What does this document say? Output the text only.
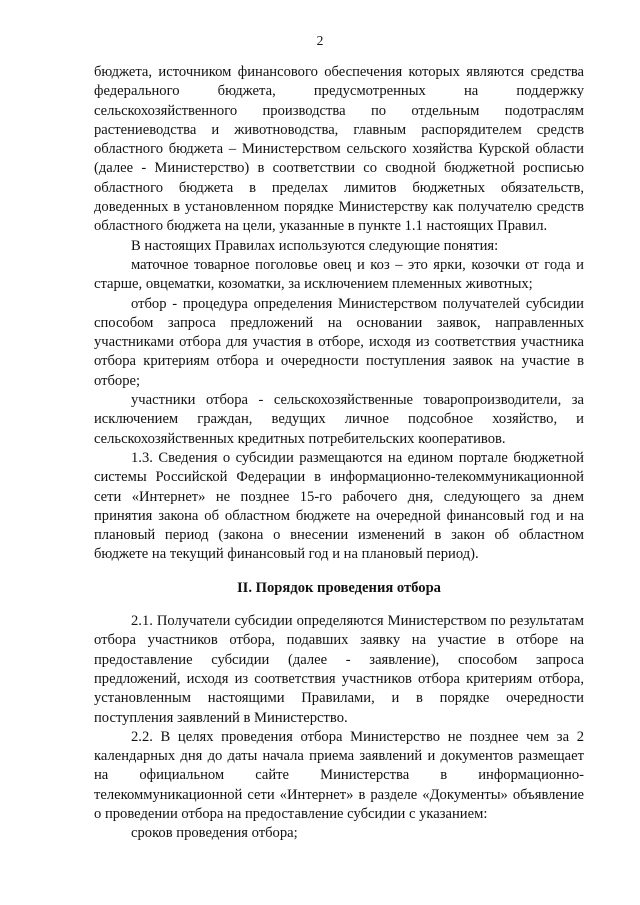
2

бюджета, источником финансового обеспечения которых являются средства федерального бюджета, предусмотренных на поддержку сельскохозяйственного производства по отдельным подотраслям растениеводства и животноводства, главным распорядителем средств областного бюджета – Министерством сельского хозяйства Курской области (далее - Министерство) в соответствии со сводной бюджетной росписью областного бюджета в пределах лимитов бюджетных обязательств, доведенных в установленном порядке Министерству как получателю средств областного бюджета на цели, указанные в пункте 1.1 настоящих Правил.

В настоящих Правилах используются следующие понятия:

маточное товарное поголовье овец и коз – это ярки, козочки от года и старше, овцематки, козоматки, за исключением племенных животных;

отбор - процедура определения Министерством получателей субсидии способом запроса предложений на основании заявок, направленных участниками отбора для участия в отборе, исходя из соответствия участника отбора критериям отбора и очередности поступления заявок на участие в отборе;

участники отбора - сельскохозяйственные товаропроизводители, за исключением граждан, ведущих личное подсобное хозяйство, и сельскохозяйственных кредитных потребительских кооперативов.

1.3. Сведения о субсидии размещаются на едином портале бюджетной системы Российской Федерации в информационно-телекоммуникационной сети «Интернет» не позднее 15-го рабочего дня, следующего за днем принятия закона об областном бюджете на очередной финансовый год и на плановый период (закона о внесении изменений в закон об областном бюджете на текущий финансовый год и на плановый период).

II. Порядок проведения отбора

2.1. Получатели субсидии определяются Министерством по результатам отбора участников отбора, подавших заявку на участие в отборе на предоставление субсидии (далее - заявление), способом запроса предложений, исходя из соответствия участников отбора критериям отбора, установленным настоящими Правилами, и в порядке очередности поступления заявлений в Министерство.

2.2. В целях проведения отбора Министерство не позднее чем за 2 календарных дня до даты начала приема заявлений и документов размещает на официальном сайте Министерства в информационно-телекоммуникационной сети «Интернет» в разделе «Документы» объявление о проведении отбора на предоставление субсидии с указанием:

сроков проведения отбора;
